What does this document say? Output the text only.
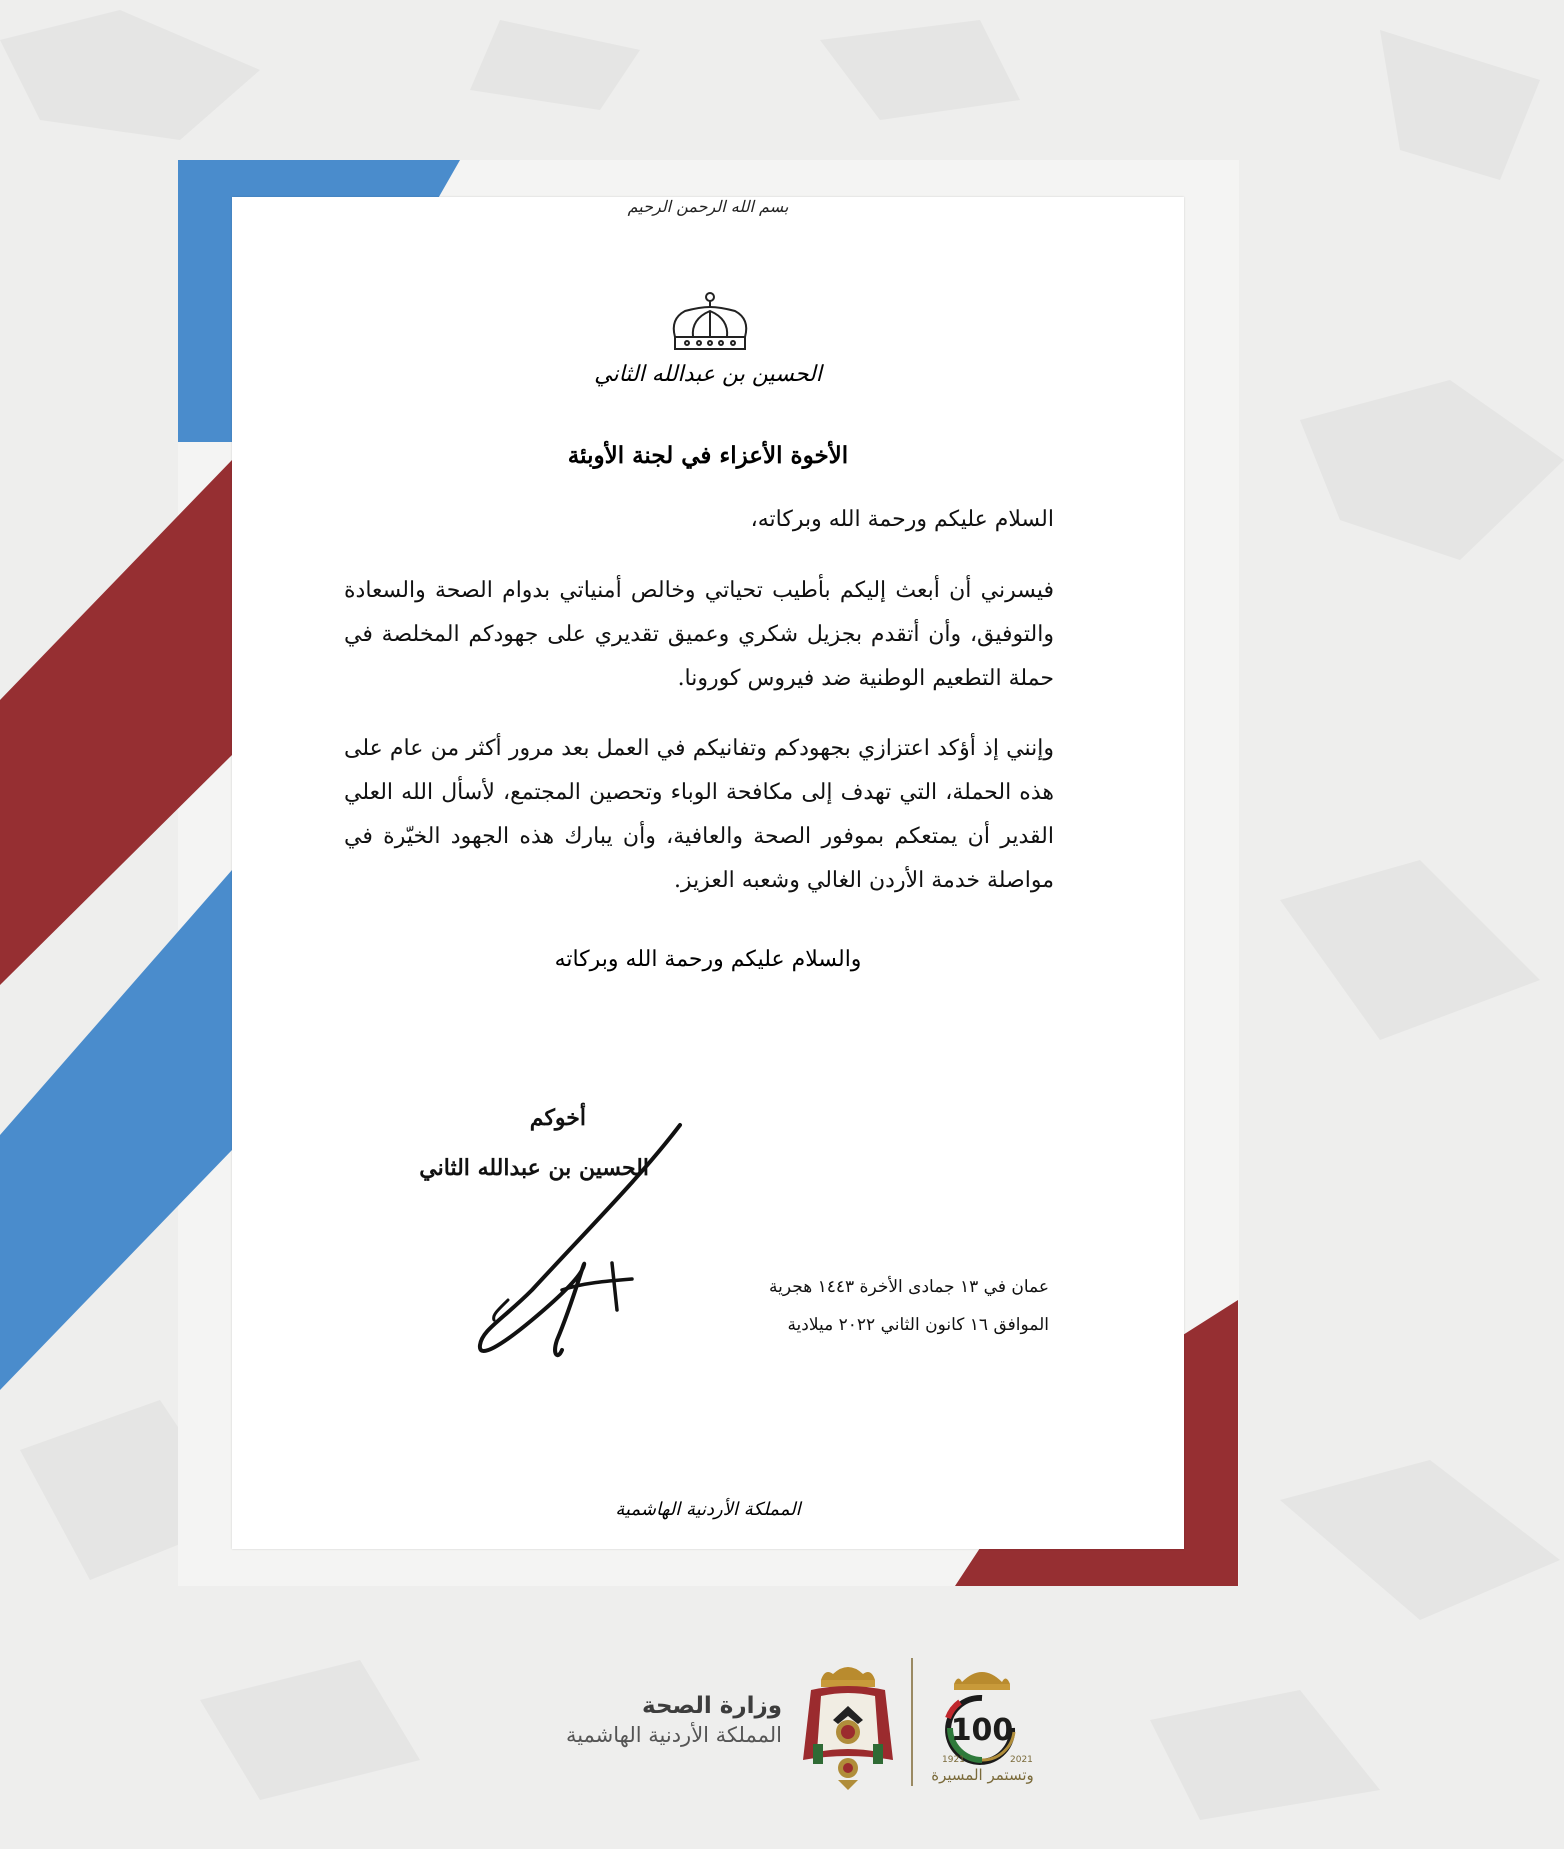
بسم الله الرحمن الرحيم
الحسين بن عبدالله الثاني
الأخوة الأعزاء في لجنة الأوبئة
السلام عليكم ورحمة الله وبركاته،
فيسرني أن أبعث إليكم بأطيب تحياتي وخالص أمنياتي بدوام الصحة والسعادة والتوفيق، وأن أتقدم بجزيل شكري وعميق تقديري على جهودكم المخلصة في حملة التطعيم الوطنية ضد فيروس كورونا.
وإنني إذ أؤكد اعتزازي بجهودكم وتفانيكم في العمل بعد مرور أكثر من عام على هذه الحملة، التي تهدف إلى مكافحة الوباء وتحصين المجتمع، لأسأل الله العلي القدير أن يمتعكم بموفور الصحة والعافية، وأن يبارك هذه الجهود الخيّرة في مواصلة خدمة الأردن الغالي وشعبه العزيز.
والسلام عليكم ورحمة الله وبركاته
أخوكم
الحسين بن عبدالله الثاني
عمان في ١٣ جمادى الأخرة ١٤٤٣ هجرية
الموافق ١٦ كانون الثاني ٢٠٢٢ ميلادية
المملكة الأردنية الهاشمية
وزارة الصحة
المملكة الأردنية الهاشمية	100
1921	2021
وتستمر المسيرة
